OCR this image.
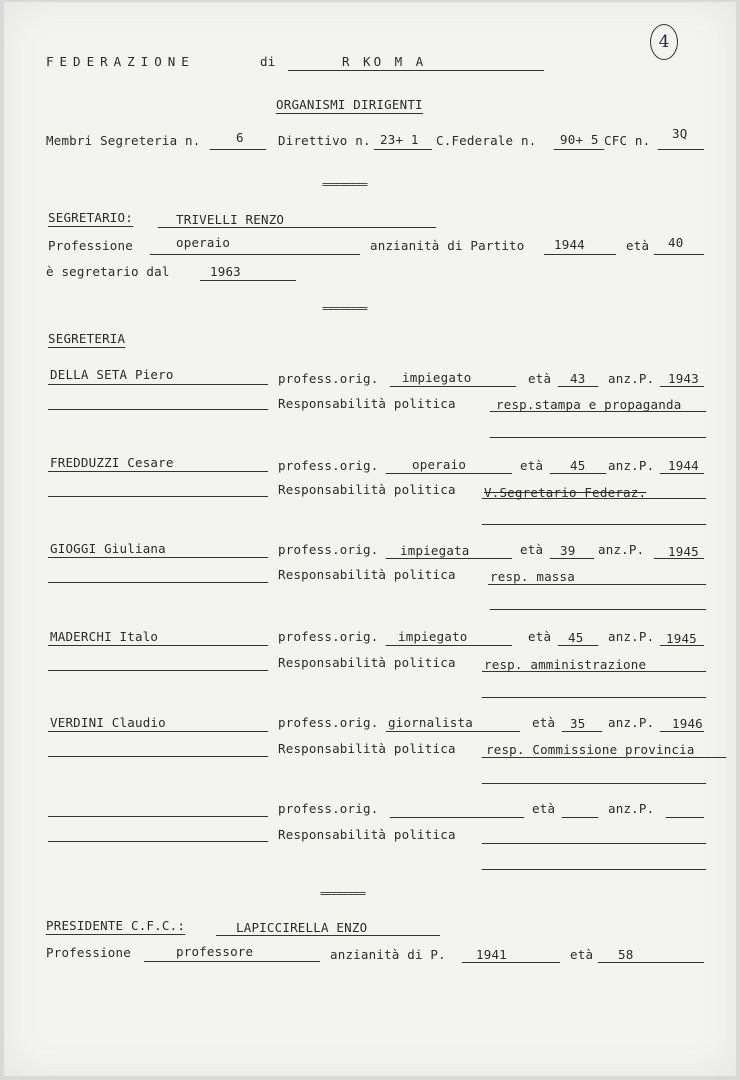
4
FEDERAZIONE	di	R KO M A
ORGANISMI DIRIGENTI
Membri Segreteria n.	6	Direttivo n. 23+ 1 C.Federale n. 90+ 5 CFC n. 3Q
========
SEGRETARIO:	TRIVELLI RENZO
Professione	operaio	anzianità di Partito 1944	età 40
è segretario dal	1963
========
SEGRETERIA
DELLA SETA Piero	profess.orig. impiegato	età 43 anz.P. 1943
Responsabilità politica	resp.stampa e propaganda
FREDDUZZI Cesare	profess.orig.	operaio	età 45 anz.P. 1944
Responsabilità politica V.Segretario Federaz.
GIOGGI Giuliana	profess.orig. impiegata	età 39 anz.P. 1945
Responsabilità politica	resp. massa
MADERCHI Italo	profess.orig. impiegato	età 45 anz.P. 1945
Responsabilità politica resp. amministrazione
VERDINI Claudio	profess.orig. giornalista	età 35 anz.P. 1946
Responsabilità politica resp. Commissione provincia
profess.orig.	età	anz.P.
Responsabilità politica
========
PRESIDENTE C.F.C.:	LAPICCIRELLA ENZO
Professione	professore	anzianità di P. 1941	età 58
